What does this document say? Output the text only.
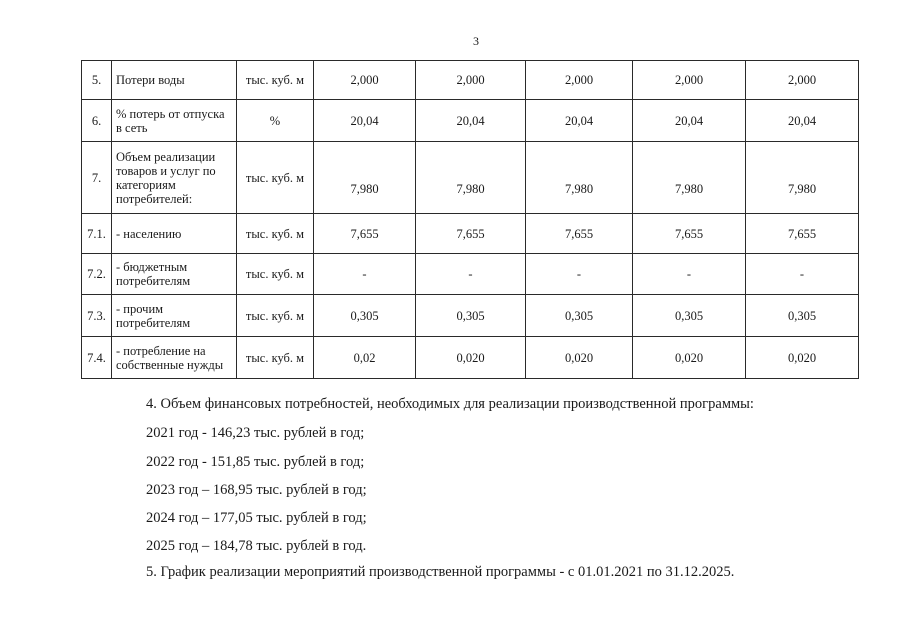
3
5.	Потери воды	тыс. куб. м	2,000	2,000	2,000	2,000	2,000
6.	% потерь от отпуска в сеть	%	20,04	20,04	20,04	20,04	20,04
7.	Объем реализации товаров и услуг по категориям потребителей:	тыс. куб. м	7,980	7,980	7,980	7,980	7,980
7.1.	- населению	тыс. куб. м	7,655	7,655	7,655	7,655	7,655
7.2.	- бюджетным потребителям	тыс. куб. м	-	-	-	-	-
7.3.	- прочим потребителям	тыс. куб. м	0,305	0,305	0,305	0,305	0,305
7.4.	- потребление на собственные нужды	тыс. куб. м	0,02	0,020	0,020	0,020	0,020
4. Объем финансовых потребностей, необходимых для реализации производственной программы:
2021 год - 146,23 тыс. рублей в год;
2022 год - 151,85 тыс. рублей в год;
2023 год – 168,95 тыс. рублей в год;
2024 год – 177,05 тыс. рублей в год;
2025 год – 184,78 тыс. рублей в год.
5. График реализации мероприятий производственной программы - с 01.01.2021 по 31.12.2025.
